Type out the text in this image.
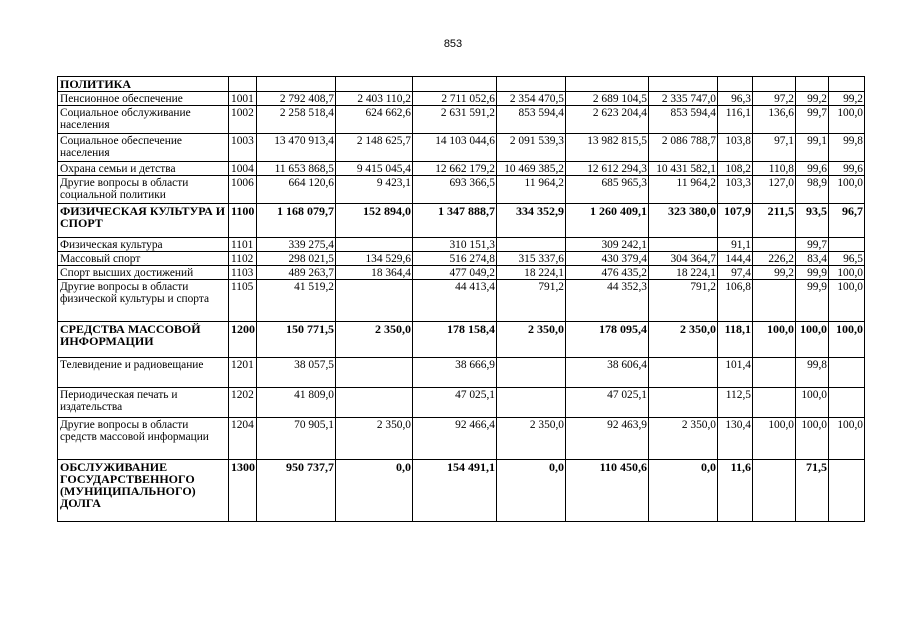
853
ПОЛИТИКА											
Пенсионное обеспечение	1001	2 792 408,7	2 403 110,2	2 711 052,6	2 354 470,5	2 689 104,5	2 335 747,0	96,3	97,2	99,2	99,2
Социальное обслуживание населения	1002	2 258 518,4	624 662,6	2 631 591,2	853 594,4	2 623 204,4	853 594,4	116,1	136,6	99,7	100,0
Социальное обеспечение населения	1003	13 470 913,4	2 148 625,7	14 103 044,6	2 091 539,3	13 982 815,5	2 086 788,7	103,8	97,1	99,1	99,8
Охрана семьи и детства	1004	11 653 868,5	9 415 045,4	12 662 179,2	10 469 385,2	12 612 294,3	10 431 582,1	108,2	110,8	99,6	99,6
Другие вопросы в области социальной политики	1006	664 120,6	9 423,1	693 366,5	11 964,2	685 965,3	11 964,2	103,3	127,0	98,9	100,0
ФИЗИЧЕСКАЯ КУЛЬТУРА И СПОРТ	1100	1 168 079,7	152 894,0	1 347 888,7	334 352,9	1 260 409,1	323 380,0	107,9	211,5	93,5	96,7
Физическая культура	1101	339 275,4		310 151,3		309 242,1		91,1		99,7	
Массовый спорт	1102	298 021,5	134 529,6	516 274,8	315 337,6	430 379,4	304 364,7	144,4	226,2	83,4	96,5
Спорт высших достижений	1103	489 263,7	18 364,4	477 049,2	18 224,1	476 435,2	18 224,1	97,4	99,2	99,9	100,0
Другие вопросы в области физической культуры и спорта	1105	41 519,2		44 413,4	791,2	44 352,3	791,2	106,8		99,9	100,0
СРЕДСТВА МАССОВОЙ ИНФОРМАЦИИ	1200	150 771,5	2 350,0	178 158,4	2 350,0	178 095,4	2 350,0	118,1	100,0	100,0	100,0
Телевидение и радиовещание	1201	38 057,5		38 666,9		38 606,4		101,4		99,8	
Периодическая печать и издательства	1202	41 809,0		47 025,1		47 025,1		112,5		100,0	
Другие вопросы в области средств массовой информации	1204	70 905,1	2 350,0	92 466,4	2 350,0	92 463,9	2 350,0	130,4	100,0	100,0	100,0
ОБСЛУЖИВАНИЕ ГОСУДАРСТВЕННОГО (МУНИЦИПАЛЬНОГО) ДОЛГА	1300	950 737,7	0,0	154 491,1	0,0	110 450,6	0,0	11,6		71,5	
